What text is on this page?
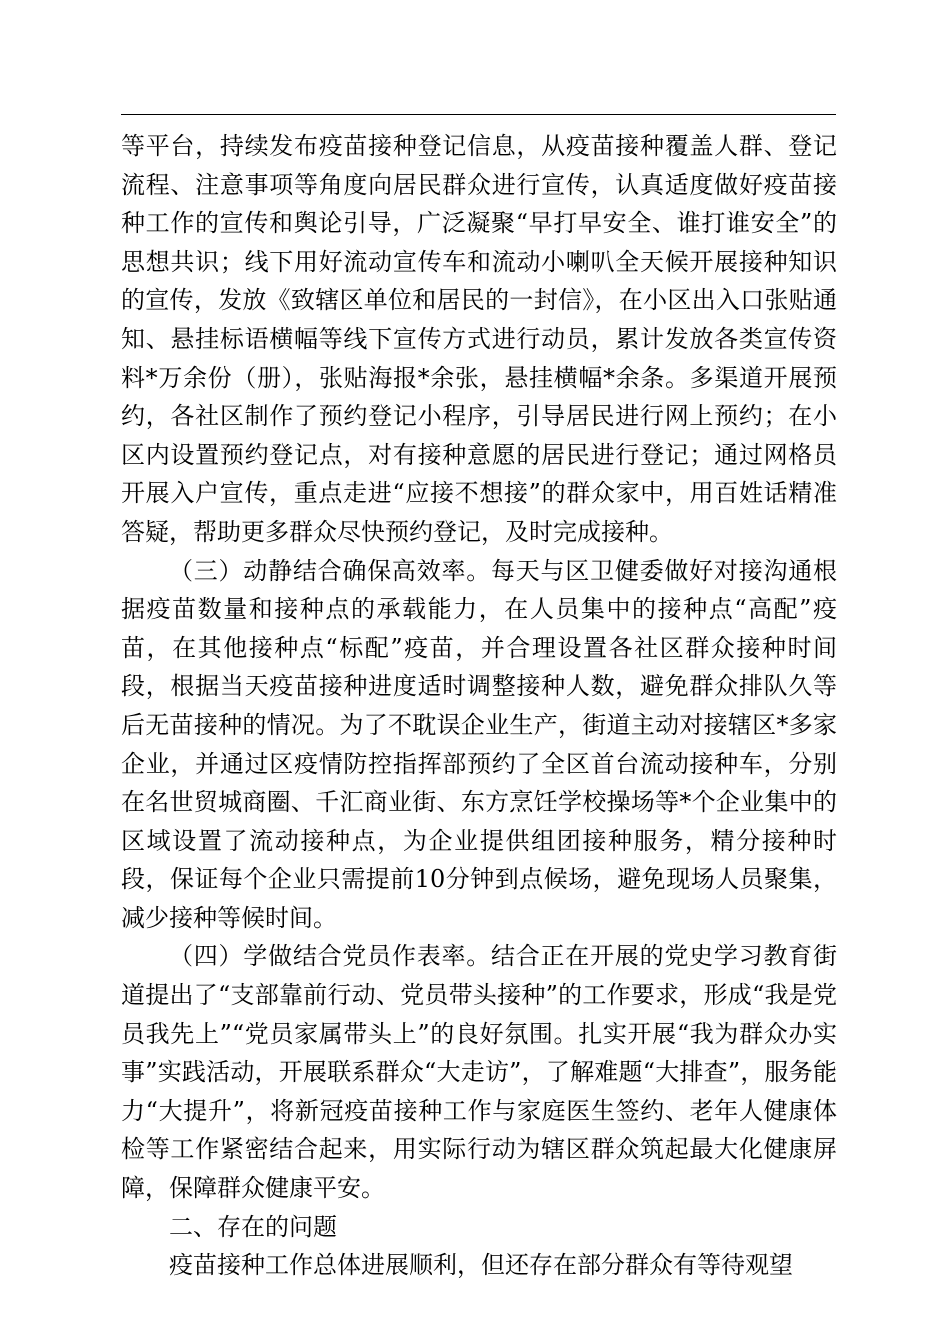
等平台，持续发布疫苗接种登记信息，从疫苗接种覆盖人群、登记流程、注意事项等角度向居民群众进行宣传，认真适度做好疫苗接种工作的宣传和舆论引导，广泛凝聚“早打早安全、谁打谁安全”的思想共识；线下用好流动宣传车和流动小喇叭全天候开展接种知识的宣传，发放《致辖区单位和居民的一封信》，在小区出入口张贴通知、悬挂标语横幅等线下宣传方式进行动员，累计发放各类宣传资料*万余份（册），张贴海报*余张，悬挂横幅*余条。多渠道开展预约，各社区制作了预约登记小程序，引导居民进行网上预约；在小区内设置预约登记点，对有接种意愿的居民进行登记；通过网格员开展入户宣传，重点走进“应接不想接”的群众家中，用百姓话精准答疑，帮助更多群众尽快预约登记，及时完成接种。

（三）动静结合确保高效率。每天与区卫健委做好对接沟通根据疫苗数量和接种点的承载能力，在人员集中的接种点“高配”疫苗，在其他接种点“标配”疫苗，并合理设置各社区群众接种时间段，根据当天疫苗接种进度适时调整接种人数，避免群众排队久等后无苗接种的情况。为了不耽误企业生产，街道主动对接辖区*多家企业，并通过区疫情防控指挥部预约了全区首台流动接种车，分别在名世贸城商圈、千汇商业街、东方烹饪学校操场等*个企业集中的区域设置了流动接种点，为企业提供组团接种服务，精分接种时段，保证每个企业只需提前10分钟到点候场，避免现场人员聚集，减少接种等候时间。

（四）学做结合党员作表率。结合正在开展的党史学习教育街道提出了“支部靠前行动、党员带头接种”的工作要求，形成“我是党员我先上”“党员家属带头上”的良好氛围。扎实开展“我为群众办实事”实践活动，开展联系群众“大走访”，了解难题“大排查”，服务能力“大提升”，将新冠疫苗接种工作与家庭医生签约、老年人健康体检等工作紧密结合起来，用实际行动为辖区群众筑起最大化健康屏障，保障群众健康平安。

二、存在的问题

疫苗接种工作总体进展顺利，但还存在部分群众有等待观望
